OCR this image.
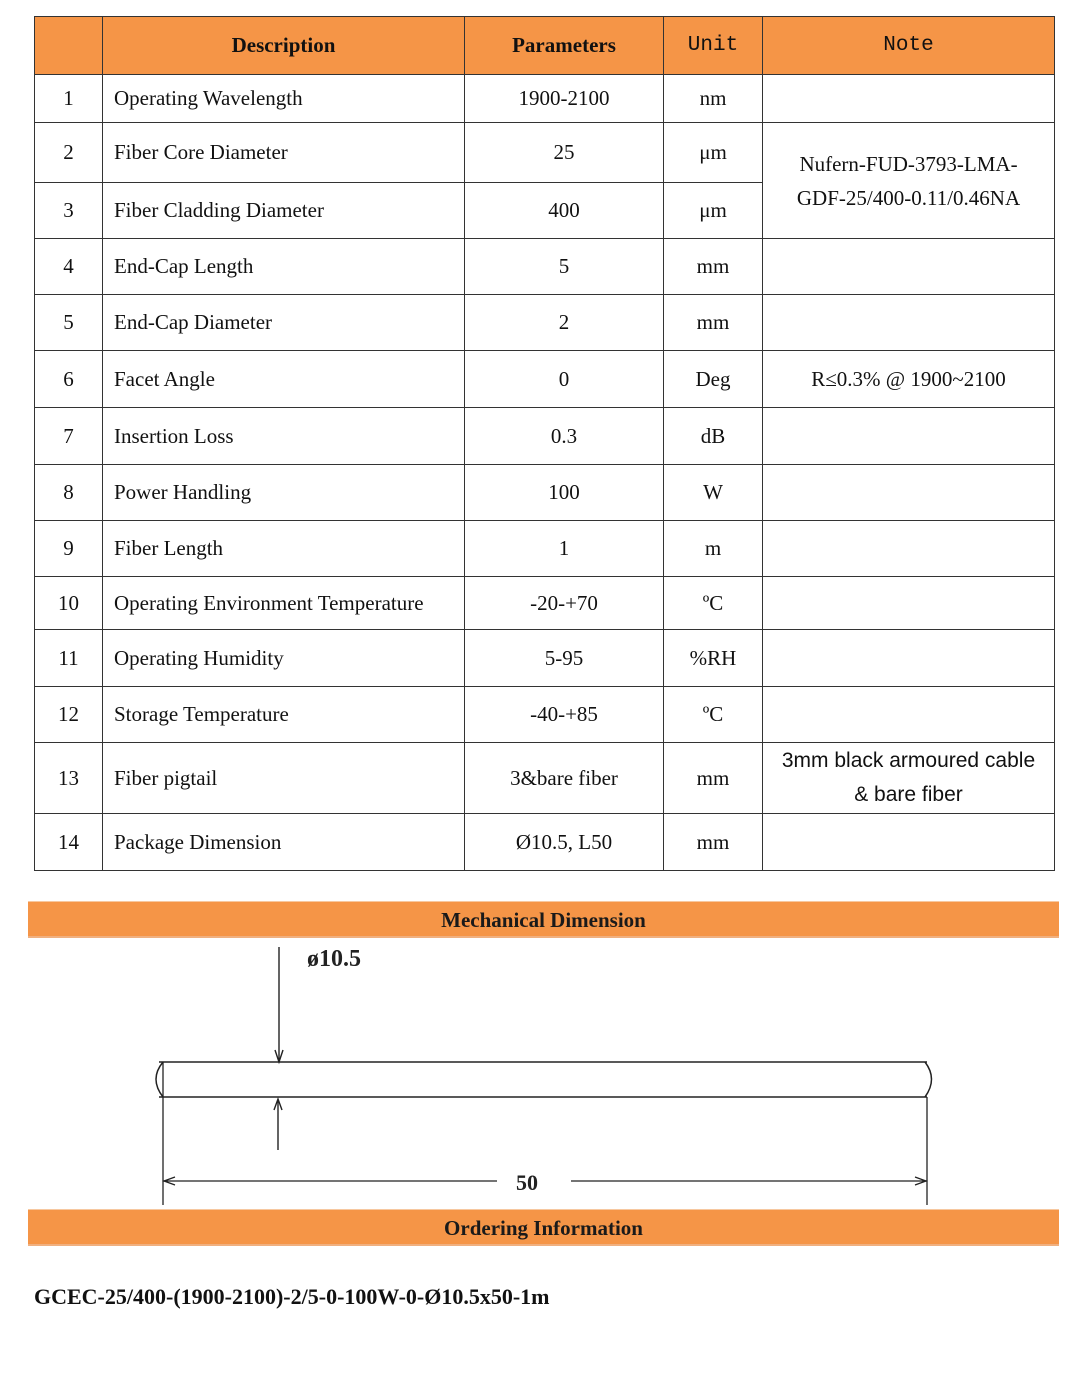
	Description	Parameters	Unit	Note
1	Operating Wavelength	1900-2100	nm	
2	Fiber Core Diameter	25	μm	Nufern-FUD-3793-LMA-
GDF-25/400-0.11/0.46NA

3	Fiber Cladding Diameter	400	μm	
4	End-Cap Length	5	mm	
5	End-Cap Diameter	2	mm	
6	Facet Angle	0	Deg	R≤0.3% @ 1900~2100
7	Insertion Loss	0.3	dB	
8	Power Handling	100	W	
9	Fiber Length	1	m	
10	Operating Environment Temperature	-20-+70	ºC	
11	Operating Humidity	5-95	%RH	
12	Storage Temperature	-40-+85	ºC	
13	Fiber pigtail	3&bare fiber	mm	3mm black armoured cable
& bare fiber

14	Package Dimension	Ø10.5, L50	mm	
Mechanical Dimension
ø10.5
50
Ordering Information
GCEC-25/400-(1900-2100)-2/5-0-100W-0-Ø10.5x50-1m
